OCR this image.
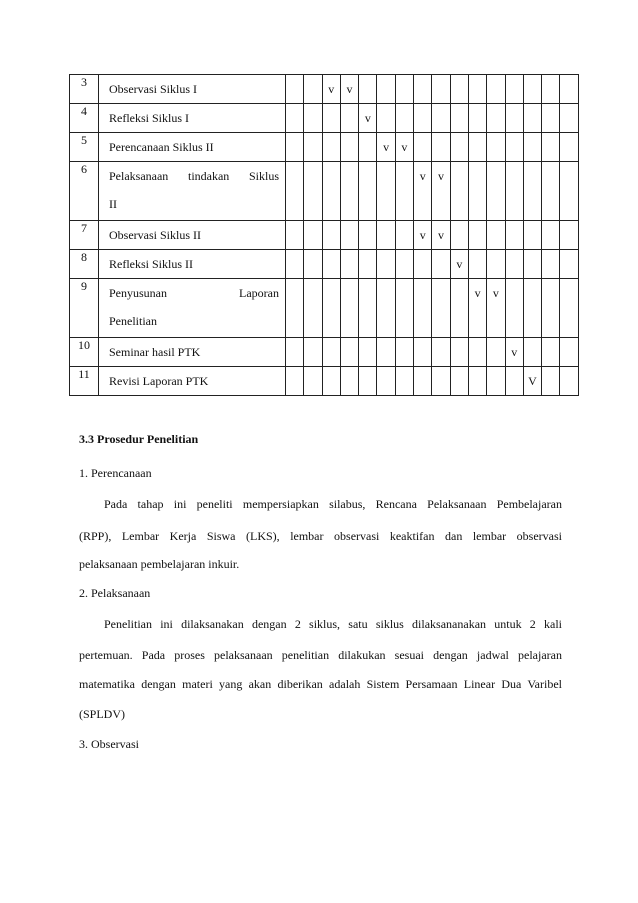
3	Observasi Siklus I			v	v												
4	Refleksi Siklus I					v											
5	Perencanaan Siklus II						v	v									
6	Pelaksanaan tindakan Siklus
II								v	v							
7	Observasi Siklus II								v	v							
8	Refleksi Siklus II										v						
9	Penyusunan Laporan
Penelitian											v	v				
10	Seminar hasil PTK													v			
11	Revisi Laporan PTK														V		
3.3 Prosedur Penelitian
1. Perencanaan
Pada tahap ini peneliti mempersiapkan silabus, Rencana Pelaksanaan Pembelajaran
(RPP), Lembar Kerja Siswa (LKS), lembar observasi keaktifan dan lembar observasi
pelaksanaan pembelajaran inkuir.
2. Pelaksanaan
Penelitian ini dilaksanakan dengan 2 siklus, satu siklus dilaksananakan untuk 2 kali
pertemuan. Pada proses pelaksanaan penelitian dilakukan sesuai dengan jadwal pelajaran
matematika dengan materi yang akan diberikan adalah Sistem Persamaan Linear Dua Varibel
(SPLDV)
3. Observasi
